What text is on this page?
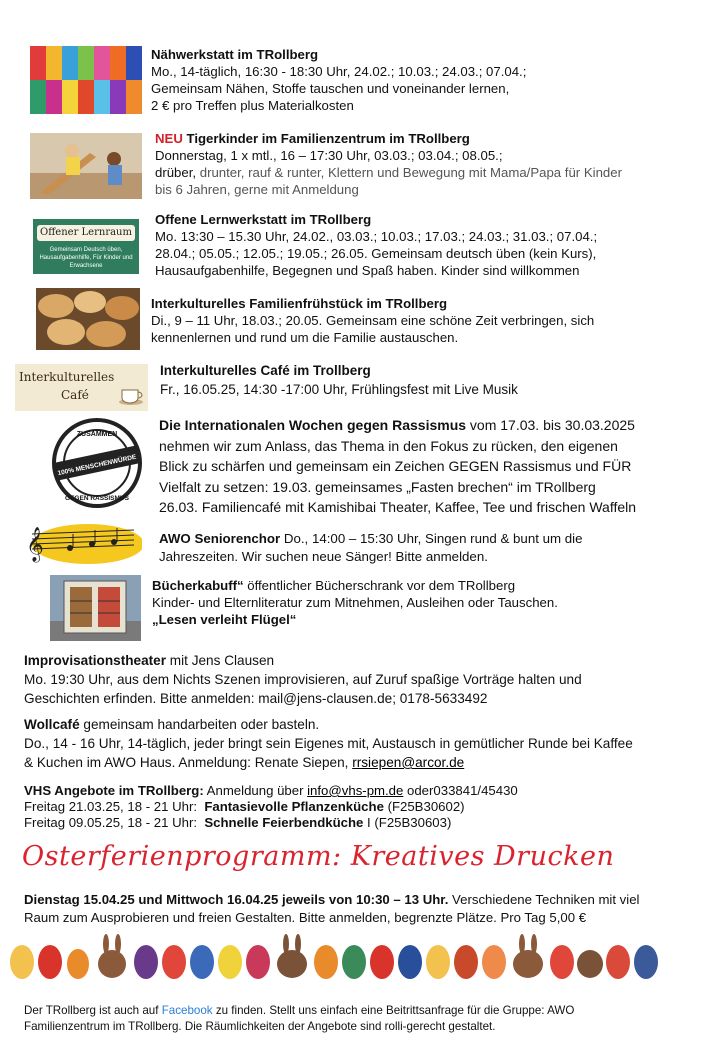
Nähwerkstatt im TRollberg
Mo., 14-täglich, 16:30 - 18:30 Uhr, 24.02.; 10.03.; 24.03.; 07.04.;
Gemeinsam Nähen, Stoffe tauschen und voneinander lernen,
2 € pro Treffen plus Materialkosten
NEU Tigerkinder im Familienzentrum im TRollberg
Donnerstag, 1 x mtl., 16 – 17:30 Uhr, 03.03.; 03.04.; 08.05.;
drüber, drunter, rauf & runter, Klettern und Bewegung mit Mama/Papa für Kinder
bis 6 Jahren, gerne mit Anmeldung
Offener Lernraum
Gemeinsam Deutsch üben, Hausaufgabenhilfe, Für Kinder und Erwachsene
Offene Lernwerkstatt im TRollberg
Mo. 13:30 – 15.30 Uhr, 24.02., 03.03.; 10.03.; 17.03.; 24.03.; 31.03.; 07.04.;
28.04.; 05.05.; 12.05.; 19.05.; 26.05. Gemeinsam deutsch üben (kein Kurs),
Hausaufgabenhilfe, Begegnen und Spaß haben. Kinder sind willkommen
Interkulturelles Familienfrühstück im TRollberg
Di., 9 – 11 Uhr, 18.03.; 20.05. Gemeinsam eine schöne Zeit verbringen, sich
kennenlernen und rund um die Familie austauschen.
Interkulturelles
Café
Interkulturelles Café im Trollberg
Fr., 16.05.25, 14:30 -17:00 Uhr, Frühlingsfest mit Live Musik
ZUSAMMEN
100% MENSCHENWÜRDE
GEGEN RASSISMUS
Die Internationalen Wochen gegen Rassismus vom 17.03. bis 30.03.2025
nehmen wir zum Anlass, das Thema in den Fokus zu rücken, den eigenen
Blick zu schärfen und gemeinsam ein Zeichen GEGEN Rassismus und FÜR
Vielfalt zu setzen: 19.03. gemeinsames „Fasten brechen“ im TRollberg
26.03. Familiencafé mit Kamishibai Theater, Kaffee, Tee und frischen Waffeln
𝄞	AWO Seniorenchor Do., 14:00 – 15:30 Uhr, Singen rund & bunt um die
Jahreszeiten. Wir suchen neue Sänger! Bitte anmelden.
Bücherkabuff“ öffentlicher Bücherschrank vor dem TRollberg
Kinder- und Elternliteratur zum Mitnehmen, Ausleihen oder Tauschen.
„Lesen verleiht Flügel“
Improvisationstheater mit Jens Clausen
Mo. 19:30 Uhr, aus dem Nichts Szenen improvisieren, auf Zuruf spaßige Vorträge halten und
Geschichten erfinden. Bitte anmelden: mail@jens-clausen.de; 0178-5633492
Wollcafé gemeinsam handarbeiten oder basteln.
Do., 14 - 16 Uhr, 14-täglich, jeder bringt sein Eigenes mit, Austausch in gemütlicher Runde bei Kaffee
& Kuchen im AWO Haus. Anmeldung: Renate Siepen, rrsiepen@arcor.de
VHS Angebote im TRollberg: Anmeldung über info@vhs-pm.de oder033841/45430
Freitag 21.03.25, 18 - 21 Uhr: Fantasievolle Pflanzenküche (F25B30602)
Freitag 09.05.25, 18 - 21 Uhr: Schnelle Feierbendküche I (F25B30603)
Osterferienprogramm: Kreatives Drucken
Dienstag 15.04.25 und Mittwoch 16.04.25 jeweils von 10:30 – 13 Uhr. Verschiedene Techniken mit viel
Raum zum Ausprobieren und freien Gestalten. Bitte anmelden, begrenzte Plätze. Pro Tag 5,00 €
Der TRollberg ist auch auf Facebook zu finden. Stellt uns einfach eine Beitrittsanfrage für die Gruppe: AWO
Familienzentrum im TRollberg. Die Räumlichkeiten der Angebote sind rolli-gerecht gestaltet.
